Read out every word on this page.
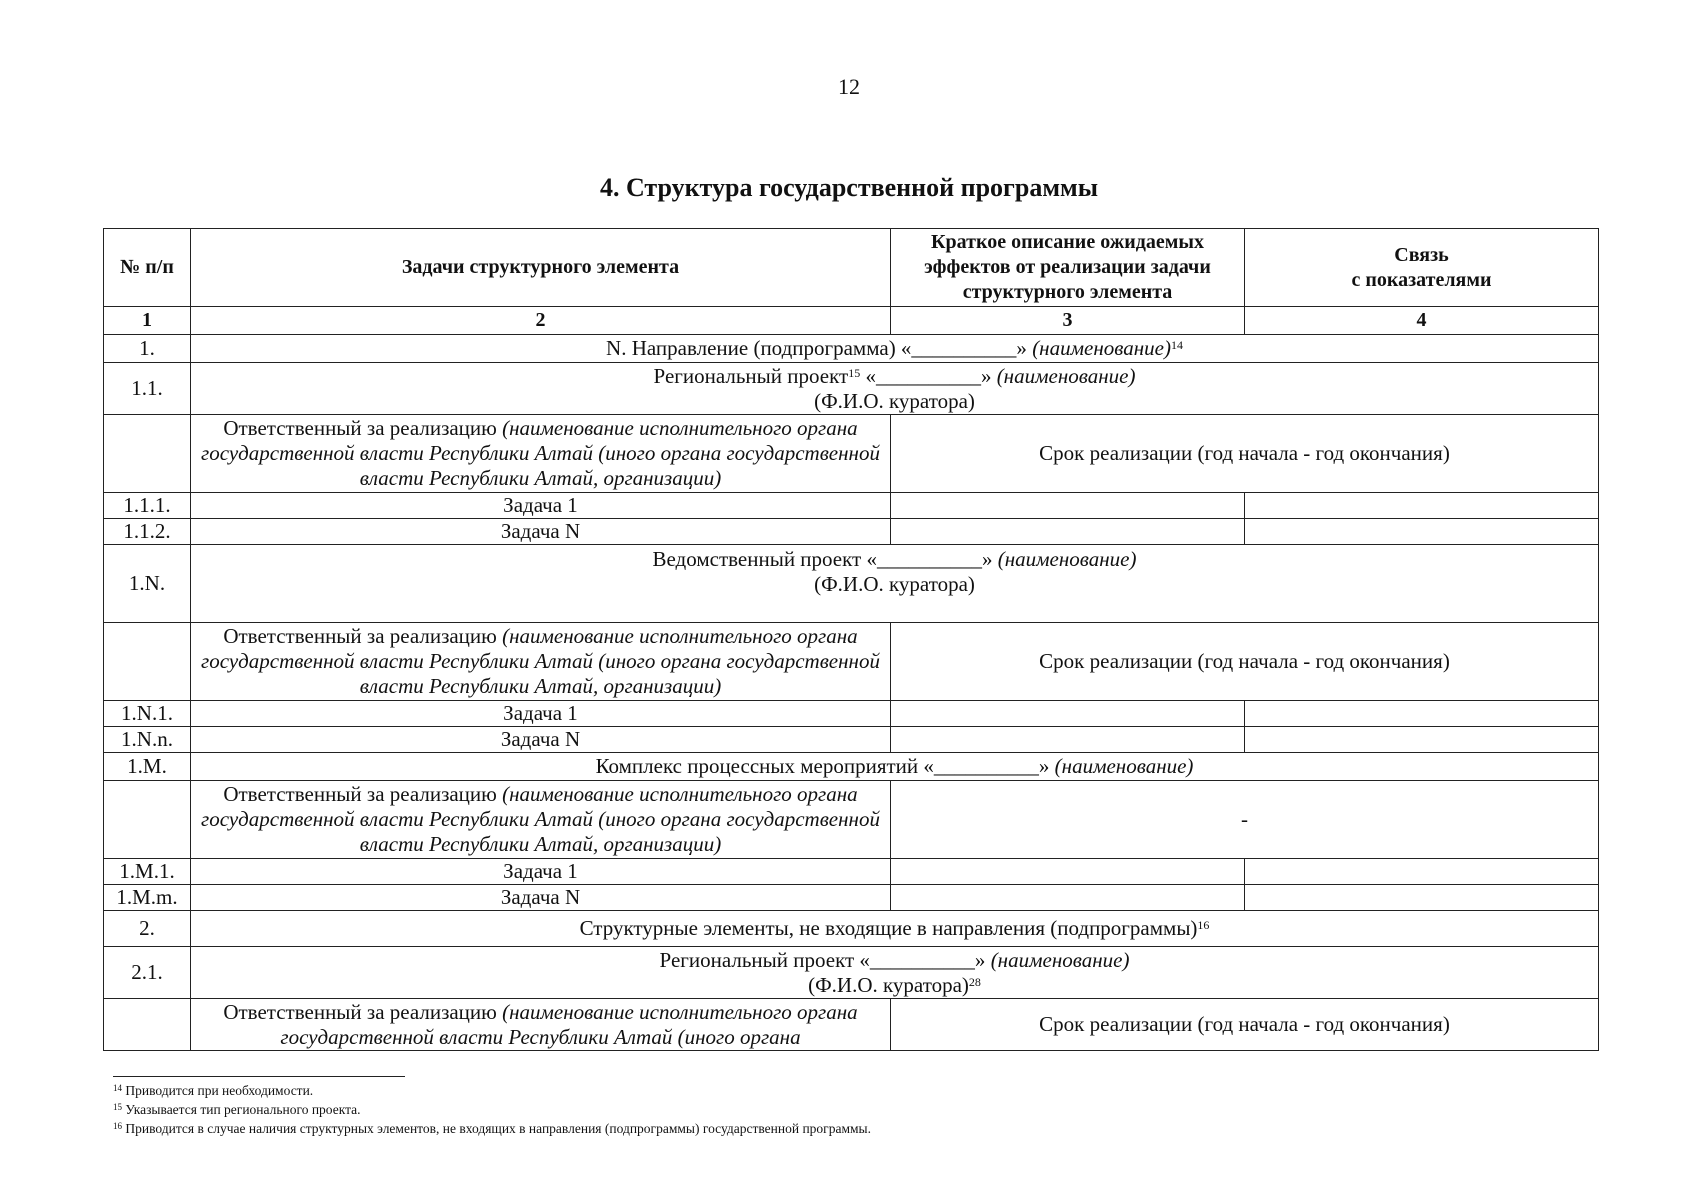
12
4. Структура государственной программы
№ п/п	Задачи структурного элемента	Краткое описание ожидаемых эффектов от реализации задачи структурного элемента	Связь
с показателями
1	2	3	4
1.	N. Направление (подпрограмма) «__________» (наименование)$^{14}$
1.1.	Региональный проект$^{15}$ «__________» (наименование)
(Ф.И.О. куратора)		
	Ответственный за реализацию (наименование исполнительного органа государственной власти Республики Алтай (иного органа государственной власти Республики Алтай, организации)	Срок реализации (год начала - год окончания)	
1.1.1.	Задача 1		
1.1.2.	Задача N		
1.N.	Ведомственный проект «__________» (наименование)
(Ф.И.О. куратора)		
	Ответственный за реализацию (наименование исполнительного органа государственной власти Республики Алтай (иного органа государственной власти Республики Алтай, организации)	Срок реализации (год начала - год окончания)	
1.N.1.	Задача 1		
1.N.n.	Задача N		
1.M.	Комплекс процессных мероприятий «__________» (наименование)		
	Ответственный за реализацию (наименование исполнительного органа государственной власти Республики Алтай (иного органа государственной власти Республики Алтай, организации)	-	
1.M.1.	Задача 1		
1.M.m.	Задача N		
2.	Структурные элементы, не входящие в направления (подпрограммы)$^{16}$
2.1.	Региональный проект «__________» (наименование)
(Ф.И.О. куратора)$^{28}$
	Ответственный за реализацию (наименование исполнительного органа государственной власти Республики Алтай (иного органа	Срок реализации (год начала - год окончания)	
$^{14}$ Приводится при необходимости.
$^{15}$ Указывается тип регионального проекта.
$^{16}$ Приводится в случае наличия структурных элементов, не входящих в направления (подпрограммы) государственной программы.
